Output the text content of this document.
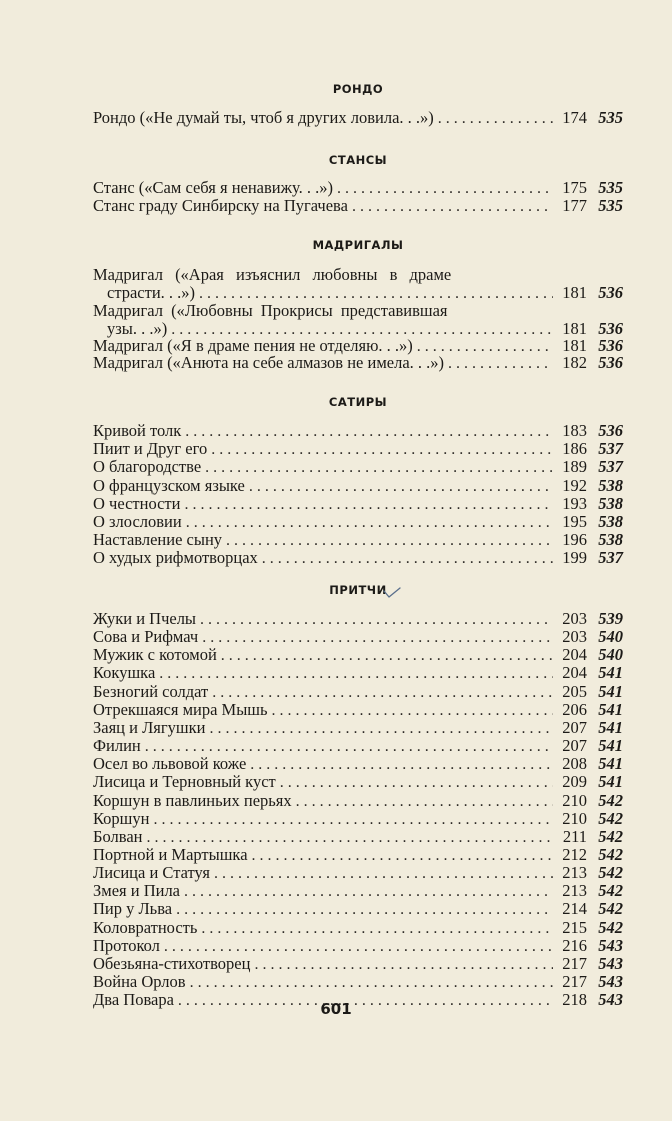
РОНДО
Рондо («Не думай ты, чтоб я других ловила. . .») . . .	174 535
СТАНСЫ
Станс («Сам себя я ненавижу. . .») . . .	175 535
Станс граду Синбирску на Пугачева . . .	177 535
МАДРИГАЛЫ
Мадригал («Арая изъяснил любовны в драме
страсти. . .») . . .	181 536
Мадригал («Любовны Прокрисы представившая
узы. . .») . . .	181 536
Мадригал («Я в драме пения не отделяю. . .») . . .	181 536
Мадригал («Анюта на себе алмазов не имела. . .») . . .	182 536
САТИРЫ
Кривой толк . . .	183 536
Пиит и Друг его . . .	186 537
О благородстве . . .	189 537
О французском языке . . .	192 538
О честности . . .	193 538
О злословии . . .	195 538
Наставление сыну . . .	196 538
О худых рифмотворцах . . .	199 537
ПРИТЧИ
Жуки и Пчелы . . .	203 539
Сова и Рифмач . . .	203 540
Мужик с котомой . . .	204 540
Кокушка . . .	204 541
Безногий солдат . . .	205 541
Отрекшаяся мира Мышь . . .	206 541
Заяц и Лягушки . . .	207 541
Филин . . .	207 541
Осел во львовой коже . . .	208 541
Лисица и Терновный куст . . .	209 541
Коршун в павлиньих перьях . . .	210 542
Коршун . . .	210 542
Болван . . .	211 542
Портной и Мартышка . . .	212 542
Лисица и Статуя . . .	213 542
Змея и Пила . . .	213 542
Пир у Льва . . .	214 542
Коловратность . . .	215 542
Протокол . . .	216 543
Обезьяна-стихотворец . . .	217 543
Война Орлов . . .	217 543
Два Повара . . .	218 543
601
